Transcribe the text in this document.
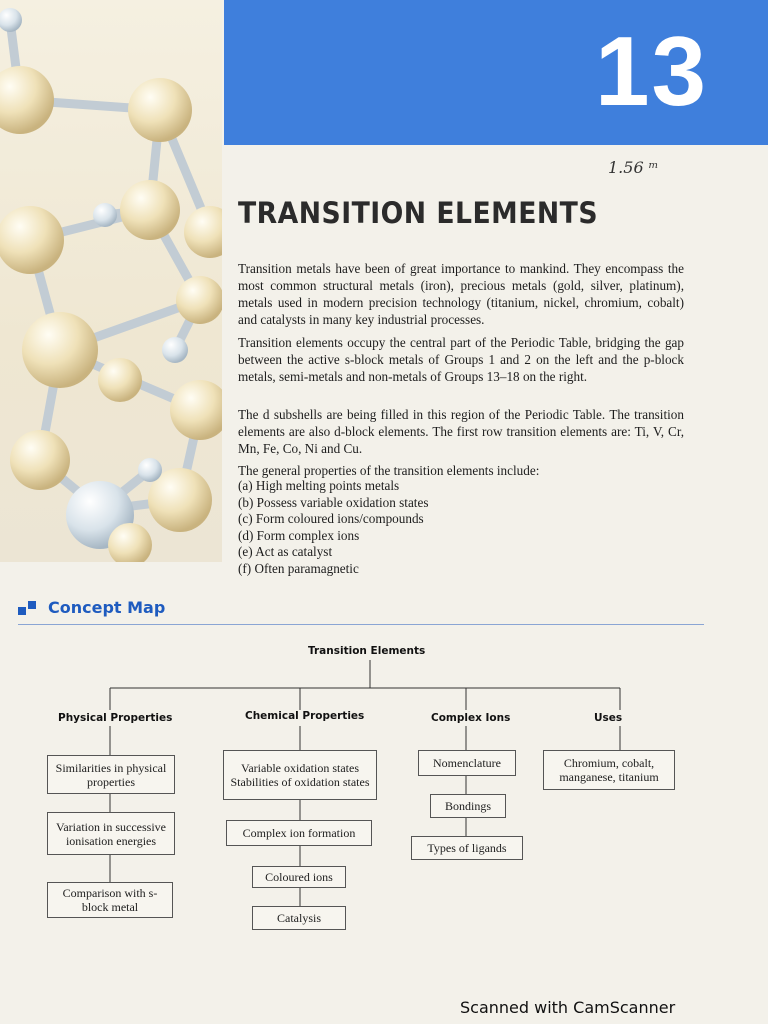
13
1.56 ᵐ
TRANSITION ELEMENTS

Transition metals have been of great importance to mankind. They encompass the most common structural metals (iron), precious metals (gold, silver, platinum), metals used in modern precision technology (titanium, nickel, chromium, cobalt) and catalysts in many key industrial processes.

Transition elements occupy the central part of the Periodic Table, bridging the gap between the active s-block metals of Groups 1 and 2 on the left and the p-block metals, semi-metals and non-metals of Groups 13–18 on the right.

The d subshells are being filled in this region of the Periodic Table. The transition elements are also d-block elements. The first row transition elements are: Ti, V, Cr, Mn, Fe, Co, Ni and Cu.

The general properties of the transition elements include:

(a) High melting points metals
(b) Possess variable oxidation states
(c) Form coloured ions/compounds
(d) Form complex ions
(e) Act as catalyst
(f) Often paramagnetic
Concept Map
Transition Elements
Physical Properties	Chemical Properties	Complex Ions	Uses
Similarities in physical properties
Variation in successive ionisation energies
Comparison with s-block metal
Variable oxidation states Stabilities of oxidation states
Complex ion formation
Coloured ions
Catalysis
Nomenclature
Bondings
Types of ligands
Chromium, cobalt, manganese, titanium
Scanned with CamScanner
